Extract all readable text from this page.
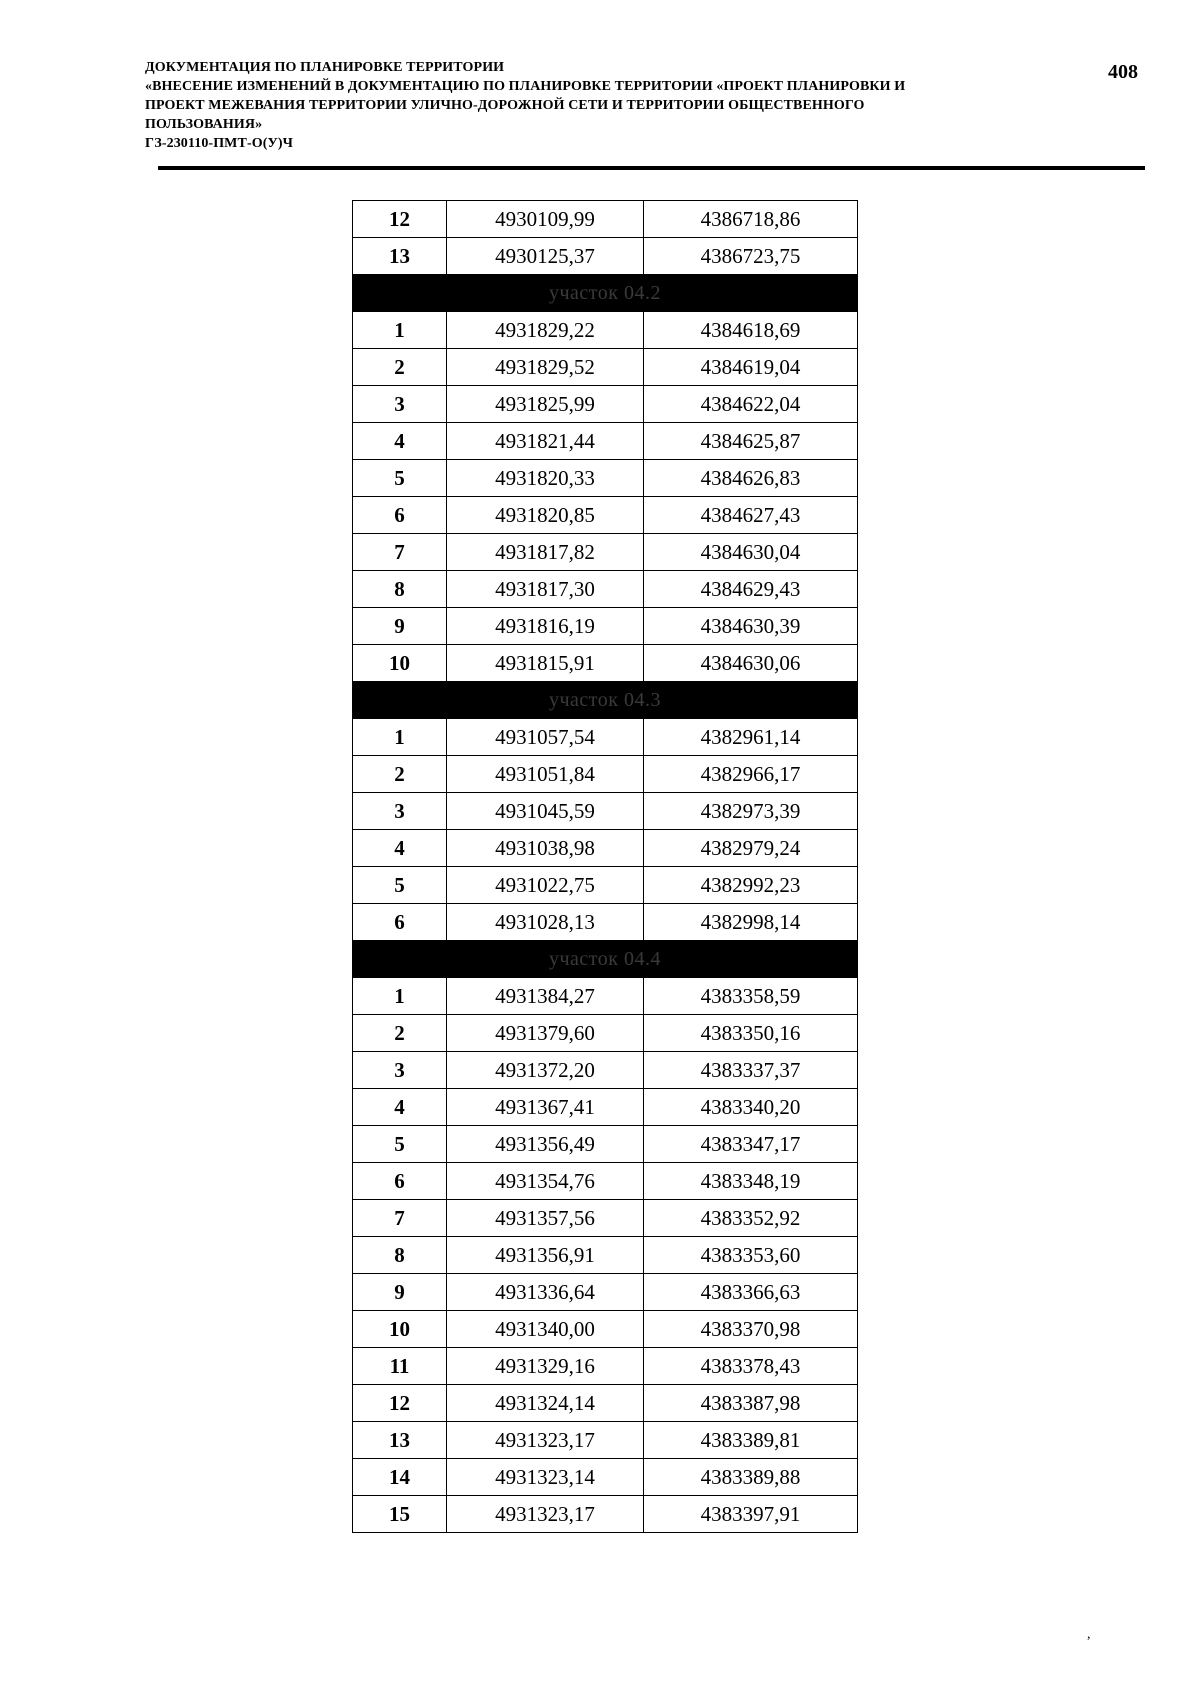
ДОКУМЕНТАЦИЯ ПО ПЛАНИРОВКЕ ТЕРРИТОРИИ
«ВНЕСЕНИЕ ИЗМЕНЕНИЙ В ДОКУМЕНТАЦИЮ ПО ПЛАНИРОВКЕ ТЕРРИТОРИИ «ПРОЕКТ ПЛАНИРОВКИ И
ПРОЕКТ МЕЖЕВАНИЯ ТЕРРИТОРИИ УЛИЧНО-ДОРОЖНОЙ СЕТИ И ТЕРРИТОРИИ ОБЩЕСТВЕННОГО
ПОЛЬЗОВАНИЯ»
ГЗ-230110-ПМТ-О(У)Ч
408
12	4930109,99	4386718,86
13	4930125,37	4386723,75
участок 04.2		
1	4931829,22	4384618,69
2	4931829,52	4384619,04
3	4931825,99	4384622,04
4	4931821,44	4384625,87
5	4931820,33	4384626,83
6	4931820,85	4384627,43
7	4931817,82	4384630,04
8	4931817,30	4384629,43
9	4931816,19	4384630,39
10	4931815,91	4384630,06
участок 04.3		
1	4931057,54	4382961,14
2	4931051,84	4382966,17
3	4931045,59	4382973,39
4	4931038,98	4382979,24
5	4931022,75	4382992,23
6	4931028,13	4382998,14
участок 04.4		
1	4931384,27	4383358,59
2	4931379,60	4383350,16
3	4931372,20	4383337,37
4	4931367,41	4383340,20
5	4931356,49	4383347,17
6	4931354,76	4383348,19
7	4931357,56	4383352,92
8	4931356,91	4383353,60
9	4931336,64	4383366,63
10	4931340,00	4383370,98
11	4931329,16	4383378,43
12	4931324,14	4383387,98
13	4931323,17	4383389,81
14	4931323,14	4383389,88
15	4931323,17	4383397,91
,
